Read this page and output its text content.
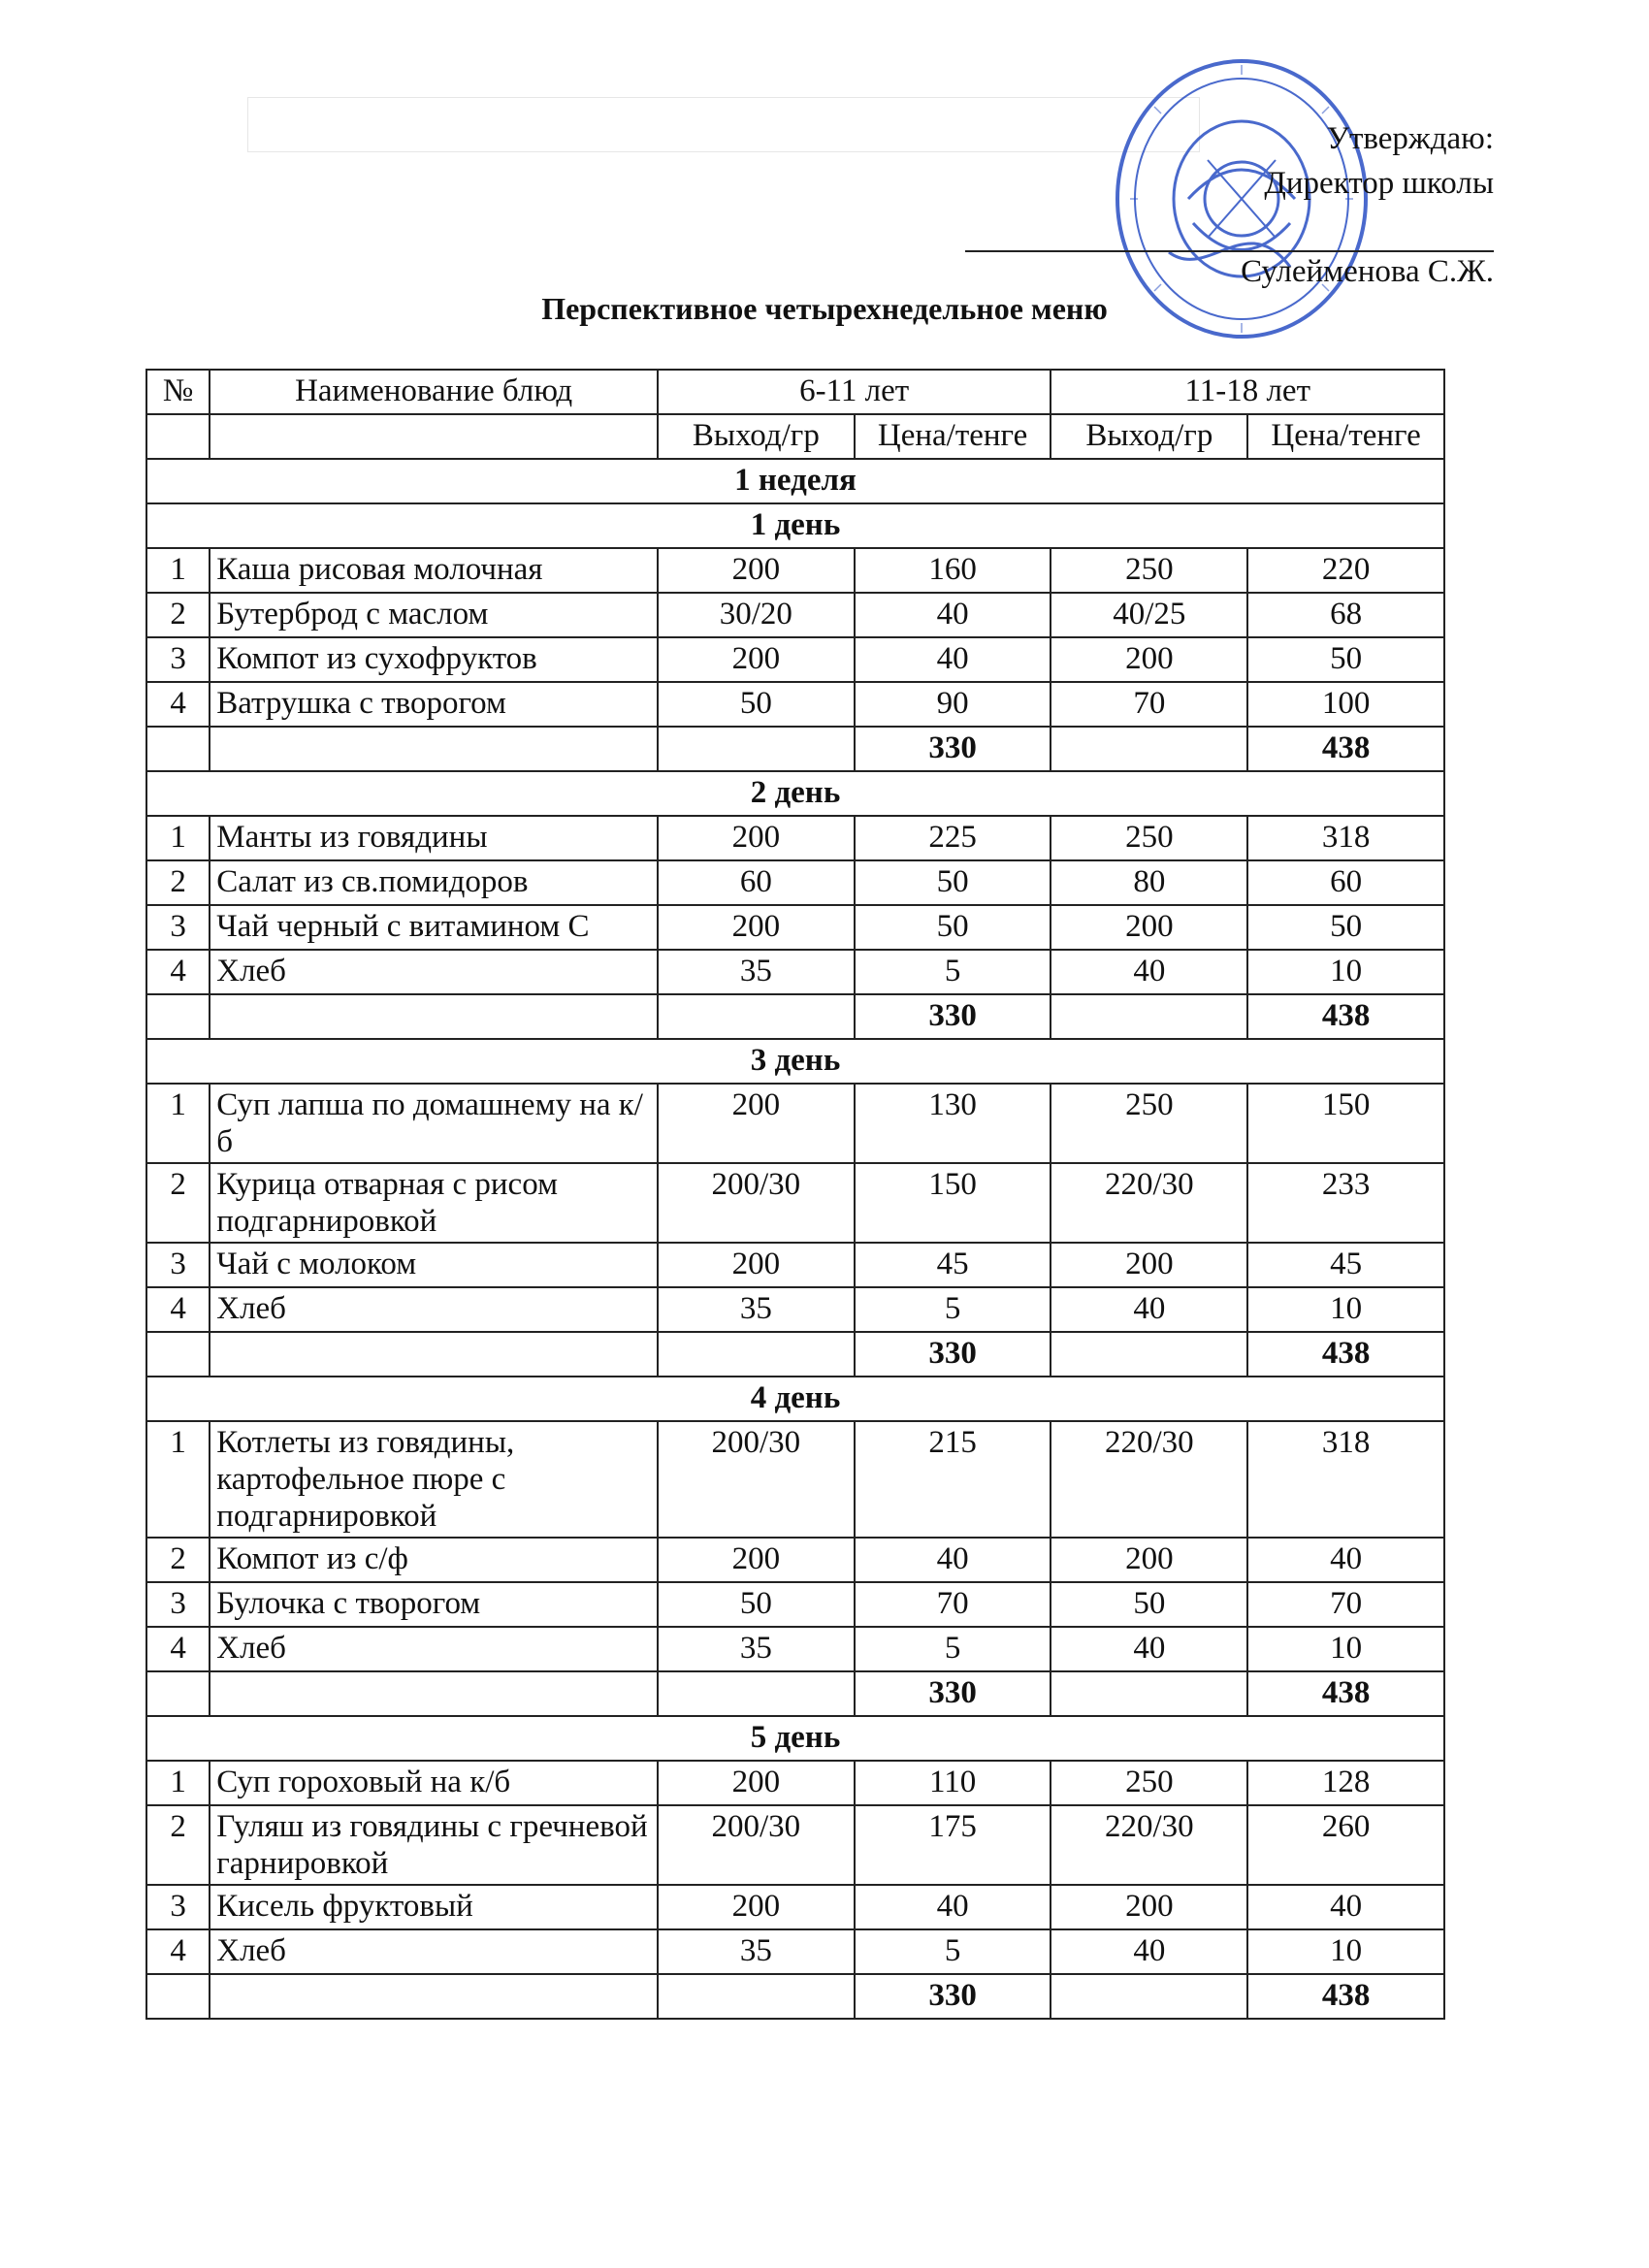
Утверждаю:
Директор школы
Сулейменова С.Ж.
Перспективное четырехнедельное меню
№	Наименование блюд	6-11 лет		11-18 лет	
		Выход/гр	Цена/тенге	Выход/гр	Цена/тенге
1 неделя					
1 день					
1	Каша рисовая молочная	200	160	250	220
2	Бутерброд с маслом	30/20	40	40/25	68
3	Компот из сухофруктов	200	40	200	50
4	Ватрушка с творогом	50	90	70	100
			330		438
2 день					
1	Манты из говядины	200	225	250	318
2	Салат из св.помидоров	60	50	80	60
3	Чай черный с витамином С	200	50	200	50
4	Хлеб	35	5	40	10
			330		438
3 день					
1	Суп лапша по домашнему на к/б	200	130	250	150
2	Курица отварная с рисом подгарнировкой	200/30	150	220/30	233
3	Чай с молоком	200	45	200	45
4	Хлеб	35	5	40	10
			330		438
4 день					
1	Котлеты из говядины, картофельное пюре с подгарнировкой	200/30	215	220/30	318
2	Компот из с/ф	200	40	200	40
3	Булочка с творогом	50	70	50	70
4	Хлеб	35	5	40	10
			330		438
5 день					
1	Суп гороховый на к/б	200	110	250	128
2	Гуляш из говядины с гречневой гарнировкой	200/30	175	220/30	260
3	Кисель фруктовый	200	40	200	40
4	Хлеб	35	5	40	10
			330		438
